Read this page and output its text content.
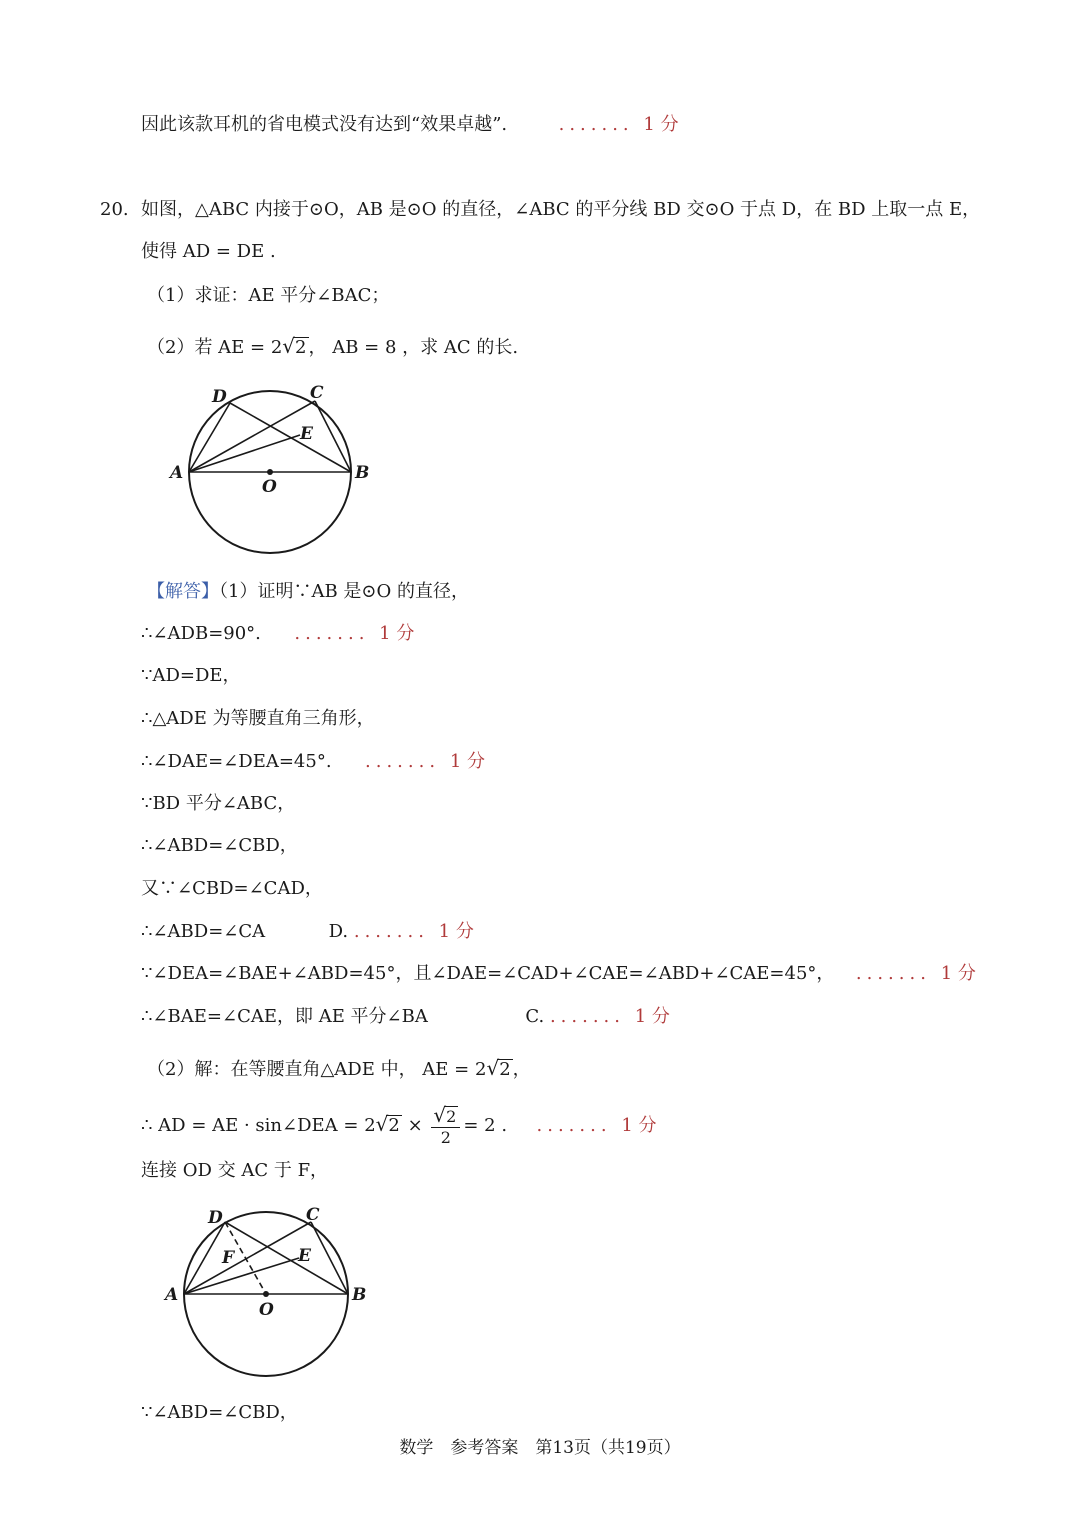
因此该款耳机的省电模式没有达到“效果卓越”.	....... 1 分
如图，△ABC 内接于⊙O，AB 是⊙O 的直径，∠ABC 的平分线 BD 交⊙O 于点 D，在 BD 上取一点 E，
20.
使得 AD = DE .
（1）求证：AE 平分∠BAC；
（2）若 AE = 2√2 ， AB = 8 ，求 AC 的长.
A	B
C
D
E
O
【解答】（1）证明∵AB 是⊙O 的直径，
∴∠ADB=90°. ....... 1 分
∵AD=DE，
∴△ADE 为等腰直角三角形，
∴∠DAE=∠DEA=45°. ....... 1 分
∵BD 平分∠ABC，
∴∠ABD=∠CBD，
又∵∠CBD=∠CAD，
∴∠ABD=∠CA	D. ....... 1 分
∵∠DEA=∠BAE+∠ABD=45°，且∠DAE=∠CAD+∠CAE=∠ABD+∠CAE=45°， ....... 1 分
∴∠BAE=∠CAE，即 AE 平分∠BA	C. ....... 1 分
（2）解：在等腰直角△ADE 中， AE = 2√2 ，
∴ AD = AE · sin∠DEA = $2√2 \times \frac{√2}{2} = 2$ . ....... 1 分
连接 OD 交 AC 于 F，
A	B
C
D
E
F
O
∵∠ABD=∠CBD，
数学　参考答案　第13页（共19页）
